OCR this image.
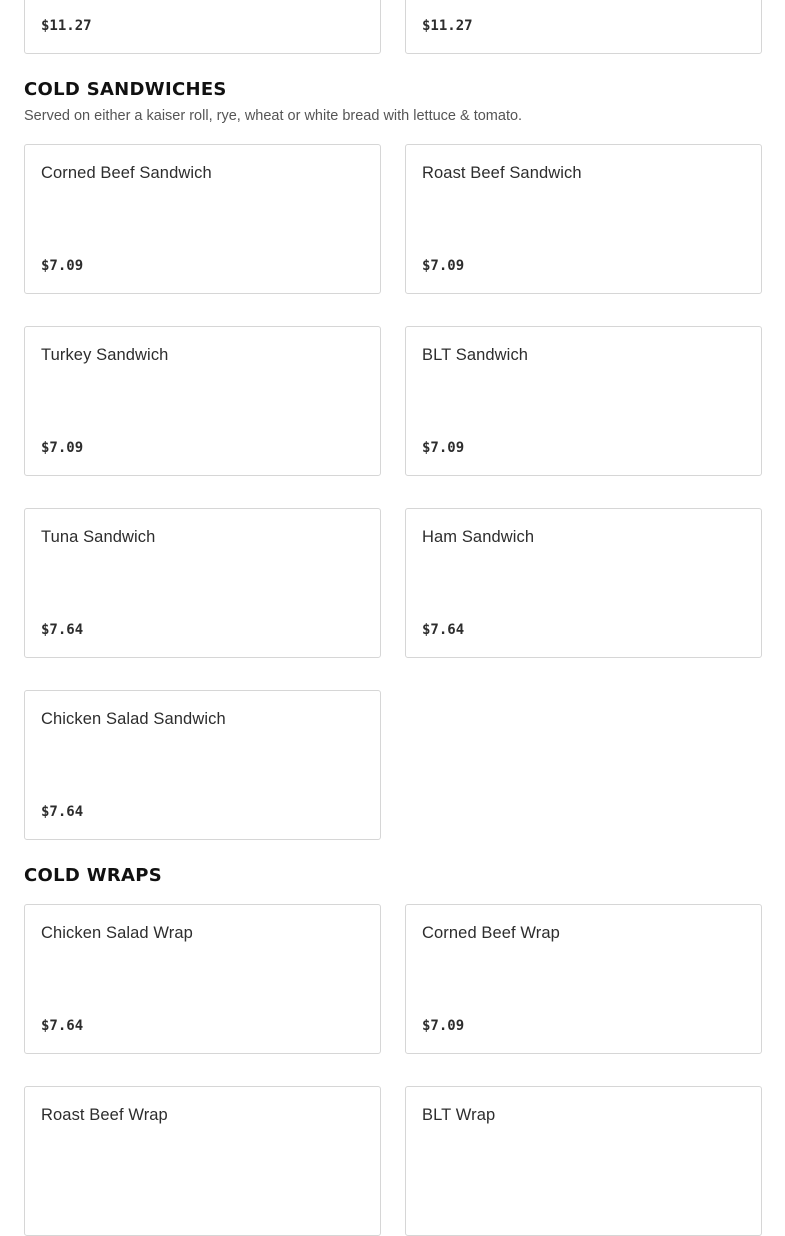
$11.27	$11.27
COLD SANDWICHES

Served on either a kaiser roll, rye, wheat or white bread with lettuce & tomato.

Corned Beef Sandwich
$7.09
Roast Beef Sandwich
$7.09
Turkey Sandwich
$7.09
BLT Sandwich
$7.09
Tuna Sandwich
$7.64
Ham Sandwich
$7.64
Chicken Salad Sandwich
$7.64
COLD WRAPS
Chicken Salad Wrap
$7.64
Corned Beef Wrap
$7.09
Roast Beef Wrap	BLT Wrap
